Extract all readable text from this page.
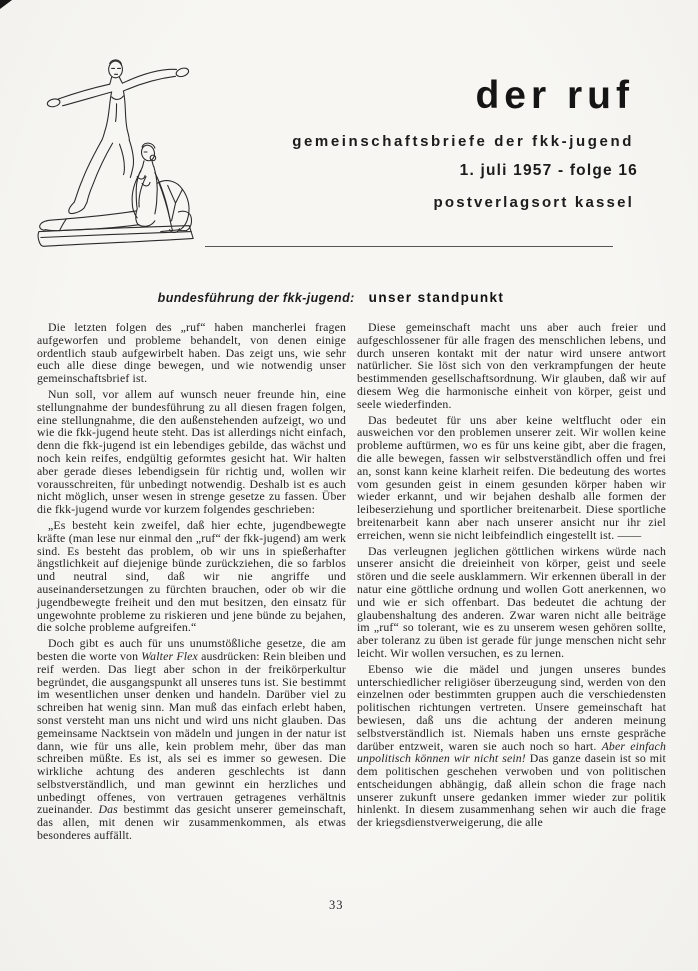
der ruf
gemeinschaftsbriefe der fkk-jugend
1. juli 1957 - folge 16
postverlagsort kassel
bundesführung der fkk-jugend: unser standpunkt

Die letzten folgen des „ruf“ haben mancherlei fragen aufgeworfen und probleme behandelt, von denen einige ordentlich staub aufgewirbelt haben. Das zeigt uns, wie sehr euch alle diese dinge bewegen, und wie notwendig unser gemeinschaftsbrief ist.

Nun soll, vor allem auf wunsch neuer freunde hin, eine stellungnahme der bundesführung zu all diesen fragen folgen, eine stellungnahme, die den außenstehenden aufzeigt, wo und wie die fkk-jugend heute steht. Das ist allerdings nicht einfach, denn die fkk-jugend ist ein lebendiges gebilde, das wächst und noch kein reifes, endgültig geformtes gesicht hat. Wir halten aber gerade dieses lebendigsein für richtig und, wollen wir vorausschreiten, für unbedingt notwendig. Deshalb ist es auch nicht möglich, unser wesen in strenge gesetze zu fassen. Über die fkk-jugend wurde vor kurzem folgendes geschrieben:

„Es besteht kein zweifel, daß hier echte, jugendbewegte kräfte (man lese nur einmal den „ruf“ der fkk-jugend) am werk sind. Es besteht das problem, ob wir uns in spießerhafter ängstlichkeit auf diejenige bünde zurückziehen, die so farblos und neutral sind, daß wir nie angriffe und auseinandersetzungen zu fürchten brauchen, oder ob wir die jugendbewegte freiheit und den mut besitzen, den einsatz für ungewohnte probleme zu riskieren und jene bünde zu bejahen, die solche probleme aufgreifen.“

Doch gibt es auch für uns unumstößliche gesetze, die am besten die worte von Walter Flex ausdrücken: Rein bleiben und reif werden. Das liegt aber schon in der freikörperkultur begründet, die ausgangspunkt all unseres tuns ist. Sie bestimmt im wesentlichen unser denken und handeln. Darüber viel zu schreiben hat wenig sinn. Man muß das einfach erlebt haben, sonst versteht man uns nicht und wird uns nicht glauben. Das gemeinsame Nacktsein von mädeln und jungen in der natur ist dann, wie für uns alle, kein problem mehr, über das man schreiben müßte. Es ist, als sei es immer so gewesen. Die wirkliche achtung des anderen geschlechts ist dann selbstverständlich, und man gewinnt ein herzliches und unbedingt offenes, von vertrauen getragenes verhältnis zueinander. Das bestimmt das gesicht unserer gemeinschaft, das allen, mit denen wir zusammenkommen, als etwas besonderes auffällt.

Diese gemeinschaft macht uns aber auch freier und aufgeschlossener für alle fragen des menschlichen lebens, und durch unseren kontakt mit der natur wird unsere antwort natürlicher. Sie löst sich von den verkrampfungen der heute bestimmenden gesellschaftsordnung. Wir glauben, daß wir auf diesem Weg die harmonische einheit von körper, geist und seele wiederfinden.

Das bedeutet für uns aber keine weltflucht oder ein ausweichen vor den problemen unserer zeit. Wir wollen keine probleme auftürmen, wo es für uns keine gibt, aber die fragen, die alle bewegen, fassen wir selbstverständlich offen und frei an, sonst kann keine klarheit reifen. Die bedeutung des wortes vom gesunden geist in einem gesunden körper haben wir wieder erkannt, und wir bejahen deshalb alle formen der leibeserziehung und sportlicher breitenarbeit. Diese sportliche breitenarbeit kann aber nach unserer ansicht nur ihr ziel erreichen, wenn sie nicht leibfeindlich eingestellt ist. ——

Das verleugnen jeglichen göttlichen wirkens würde nach unserer ansicht die dreieinheit von körper, geist und seele stören und die seele ausklammern. Wir erkennen überall in der natur eine göttliche ordnung und wollen Gott anerkennen, wo und wie er sich offenbart. Das bedeutet die achtung der glaubenshaltung des anderen. Zwar waren nicht alle beiträge im „ruf“ so tolerant, wie es zu unserem wesen gehören sollte, aber toleranz zu üben ist gerade für junge menschen nicht sehr leicht. Wir wollen versuchen, es zu lernen.

Ebenso wie die mädel und jungen unseres bundes unterschiedlicher religiöser überzeugung sind, werden von den einzelnen oder bestimmten gruppen auch die verschiedensten politischen richtungen vertreten. Unsere gemeinschaft hat bewiesen, daß uns die achtung der anderen meinung selbstverständlich ist. Niemals haben uns ernste gespräche darüber entzweit, waren sie auch noch so hart. Aber einfach unpolitisch können wir nicht sein! Das ganze dasein ist so mit dem politischen geschehen verwoben und von politischen entscheidungen abhängig, daß allein schon die frage nach unserer zukunft unsere gedanken immer wieder zur politik hinlenkt. In diesem zusammenhang sehen wir auch die frage der kriegsdienstverweigerung, die alle

33
